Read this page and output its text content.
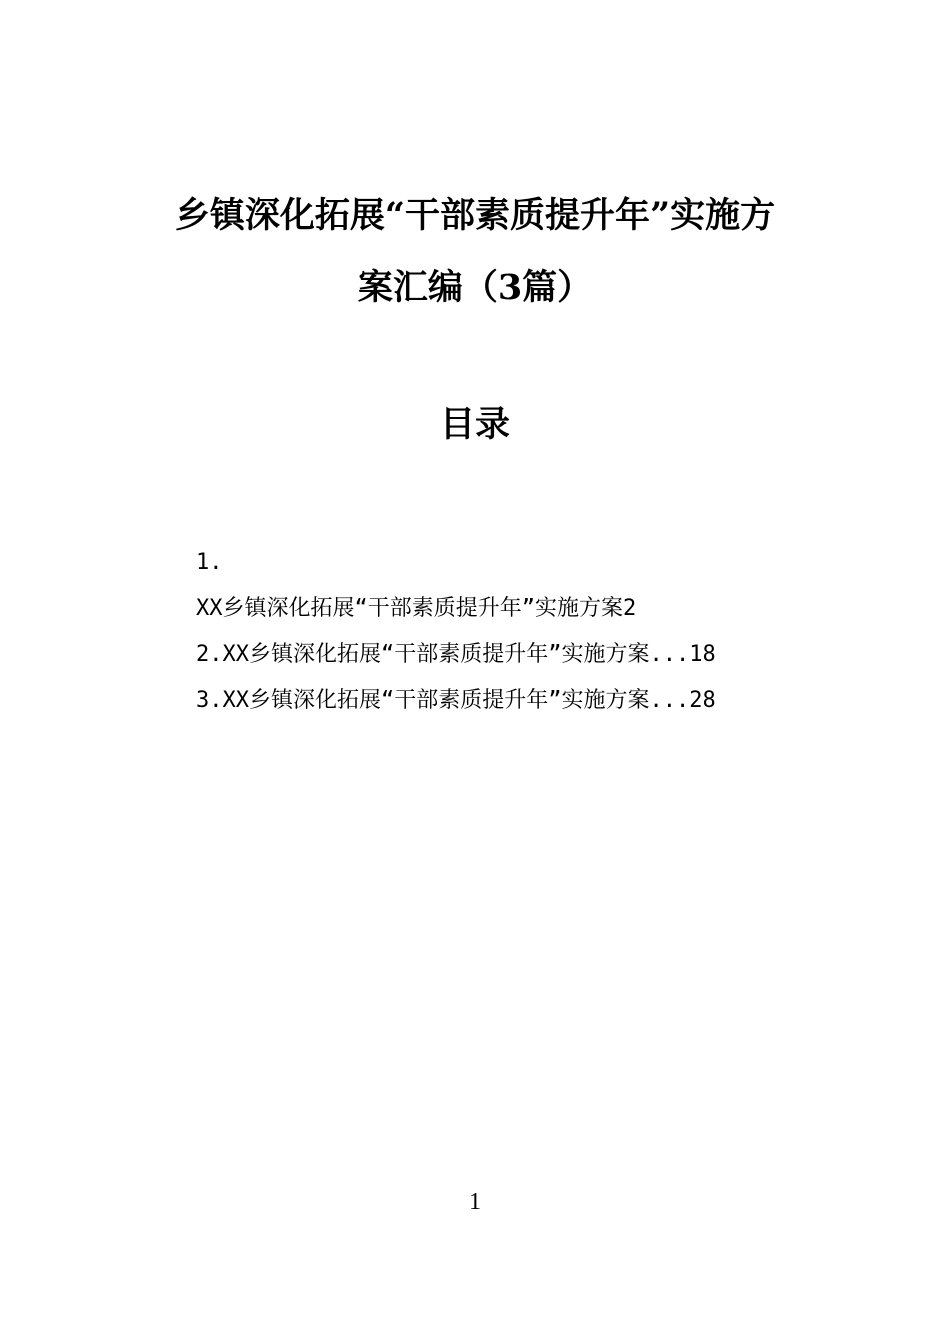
乡镇深化拓展“干部素质提升年”实施方
案汇编（3篇）
目录
1.
XX乡镇深化拓展“干部素质提升年”实施方案2
2.XX乡镇深化拓展“干部素质提升年”实施方案...18
3.XX乡镇深化拓展“干部素质提升年”实施方案...28
1
